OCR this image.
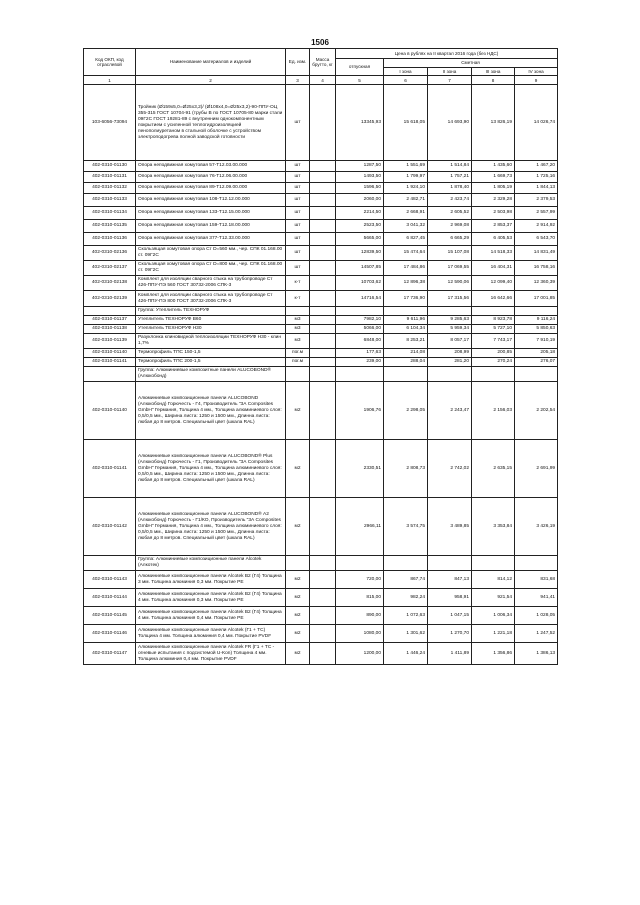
1506
Код ОКП, код отраслевой	Наименование материалов и изделий	Ед. изм.	Масса брутто, кг	Цена в рублях на II квартал 2016 года (без НДС)				
				отпускная	Сметная			
					I зона	II зона	III зона	IV зона
1	2	3	4	5	6	7	8	9
103-6056-73094	Тройник (Ø159х5,0=Ø25х3,2)/ (Ø108х4,0=Ø25х3,2)-90-ППУ-ОЦ 355-315 ГОСТ 10704-91 (трубы В по ГОСТ 10705-80 марки стали 09Г2С ГОСТ 19281-89 с внутренним однокомпонентным покрытием с усиленной теплогидроизоляцией пенополиуретаном в стальной оболочке с устройством электроподогрева полной заводской готовности	шт		13345,93	15 618,05	14 693,90	13 826,19	14 026,74
402-0310-01130	Опора неподвижная хомутовая 57-Т12.03.00.000	шт		1287,50	1 551,69	1 514,84	1 435,60	1 467,20
402-0310-01131	Опора неподвижная хомутовая 76-Т12.06.00.000	шт		1493,50	1 799,97	1 757,21	1 669,73	1 725,16
402-0310-01132	Опора неподвижная хомутовая 89-Т12.09.00.000	шт		1596,50	1 924,10	1 878,40	1 805,19	1 844,13
402-0310-01133	Опора неподвижная хомутовая 108-Т12.12.00.000	шт		2060,00	2 482,71	2 423,74	2 329,28	2 379,53
402-0310-01134	Опора неподвижная хомутовая 133-Т12.15.00.000	шт		2214,50	2 668,91	2 605,52	2 503,98	2 557,99
402-0310-01135	Опора неподвижная хомутовая 159-Т12.18.00.000	шт		2523,50	3 041,32	2 969,08	2 853,37	2 914,92
402-0310-01136	Опора неподвижная хомутовая 377-Т12.33.00.000	шт		5665,00	6 827,45	6 665,29	6 405,53	6 543,70
402-0310-02136	Скользящая хомутовая опора Ст D=560 мм., чер. СПК 01.168.00 ст. 09Г2С	шт		12839,50	15 474,64	15 107,08	14 518,33	14 831,49
402-0310-02137	Скользящая хомутовая опора Ст D=800 мм., чер. СПК 01.168.00 ст. 09Г2С	шт		14507,85	17 484,86	17 069,55	16 404,31	16 758,16
402-0310-02138	Комплект для изоляции сварного стыка на трубопроводе Ст 426-ППУ-ПЭ 560 ГОСТ 30732-2006 СПК-3	к-т		10703,62	12 896,38	12 590,06	12 099,40	12 360,39
402-0310-02139	Комплект для изоляции сварного стыка на трубопроводе Ст 426-ППУ-ПЭ 800 ГОСТ 30732-2006 СПК-3	к-т		14716,54	17 736,90	17 315,56	16 642,66	17 001,85
	Группа: Утеплитель ТЕХНОРУФ							
402-0310-01137	Утеплитель ТЕХНОРУФ В60	м3		7982,10	9 611,96	9 285,63	8 923,78	9 116,24
402-0310-01138	Утеплитель ТЕХНОРУФ Н30	м3		5066,00	6 104,34	5 959,34	5 727,10	5 850,63
402-0310-01139	Разуклонка клиновидной теплоизоляции ТЕХНОРУФ Н30 - клин 1,7%	м3		6848,00	8 253,21	8 057,17	7 743,17	7 910,19
402-0310-01140	Термопрофиль ТПС 150-1,5	пог.м		177,63	214,08	208,99	200,85	205,18
402-0310-01141	Термопрофиль ТПС 200-1,5	пог.м		239,00	288,04	281,20	270,24	276,07
	Группа: Алюминиевые композитные панели ALUCOBOND® (Алюкобонд)							
402-0310-01140	Алюминиевые композиционные панели ALUCOBOND (Алюкобонд) Горючесть - Г4, Производитель "3А Composites GmbH" Германия, Толщина 4 мм., Толщина алюминиевого слоя: 0,5/0,5 мм., Ширина листа: 1250 и 1500 мм., Длинна листа: любая до 8 метров. Специальный цвет (шкала RAL)	м2		1906,76	2 298,05	2 243,47	2 156,03	2 202,54
402-0310-01141	Алюминиевые композиционные панели ALUCOBOND® Plus (Алюкобонд) Горючесть - Г1, Производитель "3А Composites GmbH" Германия, Толщина 4 мм., Толщина алюминиевого слоя: 0,5/0,5 мм., Ширина листа: 1250 и 1500 мм., Длинна листа: любая до 8 метров. Специальный цвет (шкала RAL)	м2		2330,51	2 808,73	2 742,02	2 635,15	2 691,99
402-0310-01142	Алюминиевые композиционные панели ALUCOBOND® А2 (Алюкобонд) Горючесть - Г1/КО, Производитель "3А Composites GmbH" Германия, Толщина 4 мм., Толщина алюминиевого слоя: 0,5/0,5 мм., Ширина листа: 1250 и 1500 мм., Длинна листа: любая до 8 метров. Специальный цвет (шкала RAL)	м2		2966,11	3 574,75	3 489,85	3 353,84	3 426,19
	Группа: Алюминиевые композиционные панели Alcotek (Алкотек)							
402-0310-01143	Алюминиевые композиционные панели Alcotek В2 (Г4) Толщина 3 мм. Толщина алюминия 0,3 мм. Покрытие PE	м2		720,00	867,74	847,13	814,12	831,68
402-0310-01144	Алюминиевые композиционные панели Alcotek В2 (Г4) Толщина 4 мм. Толщина алюминия 0,3 мм. Покрытие PE	м2		815,00	982,24	958,91	921,54	941,41
402-0310-01145	Алюминиевые композиционные панели Alcotek В2 (Г4) Толщина 4 мм. Толщина алюминия 0,4 мм. Покрытие PE	м2		890,00	1 072,63	1 047,15	1 006,34	1 028,05
402-0310-01146	Алюминиевые композиционные панели Alcotek (Г1 + ТС) Толщина 4 мм. Толщина алюминия 0,4 мм. Покрытие PVDF	м2		1080,00	1 301,62	1 270,70	1 221,18	1 247,52
402-0310-01147	Алюминиевые композиционные панели Alcotek FR (Г1 + ТС - огневые испытания с подсистемой U-Kon) Толщина 4 мм. Толщина алюминия 0,4 мм. Покрытие PVDF	м2		1200,00	1 446,24	1 411,89	1 356,86	1 386,13
